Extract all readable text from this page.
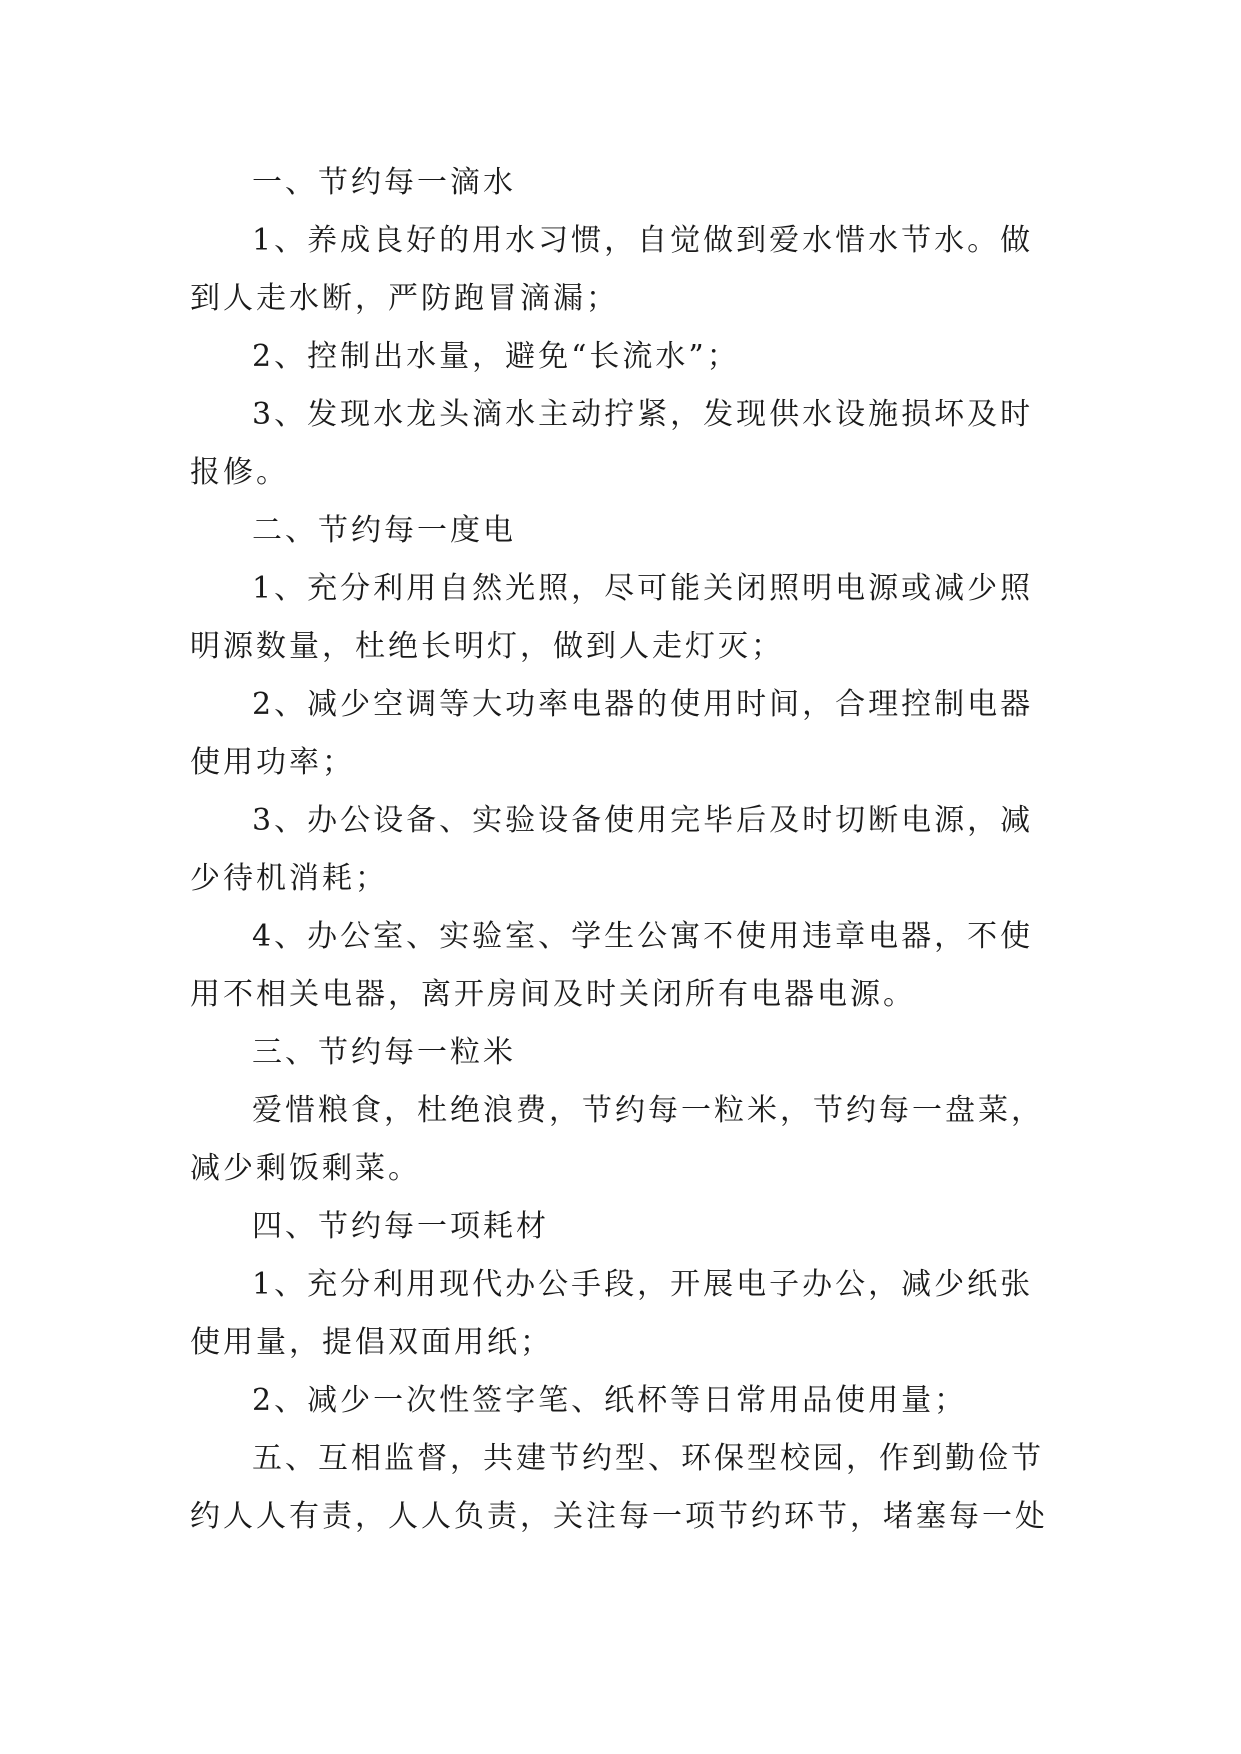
一、节约每一滴水
1、养成良好的用水习惯，自觉做到爱水惜水节水。做
到人走水断，严防跑冒滴漏；
2、控制出水量，避免“长流水”；
3、发现水龙头滴水主动拧紧，发现供水设施损坏及时
报修。
二、节约每一度电
1、充分利用自然光照，尽可能关闭照明电源或减少照
明源数量，杜绝长明灯，做到人走灯灭；
2、减少空调等大功率电器的使用时间，合理控制电器
使用功率；
3、办公设备、实验设备使用完毕后及时切断电源，减
少待机消耗；
4、办公室、实验室、学生公寓不使用违章电器，不使
用不相关电器，离开房间及时关闭所有电器电源。
三、节约每一粒米
爱惜粮食，杜绝浪费，节约每一粒米，节约每一盘菜，
减少剩饭剩菜。
四、节约每一项耗材
1、充分利用现代办公手段，开展电子办公，减少纸张
使用量，提倡双面用纸；
2、减少一次性签字笔、纸杯等日常用品使用量；
五、互相监督，共建节约型、环保型校园，作到勤俭节
约人人有责，人人负责，关注每一项节约环节，堵塞每一处
